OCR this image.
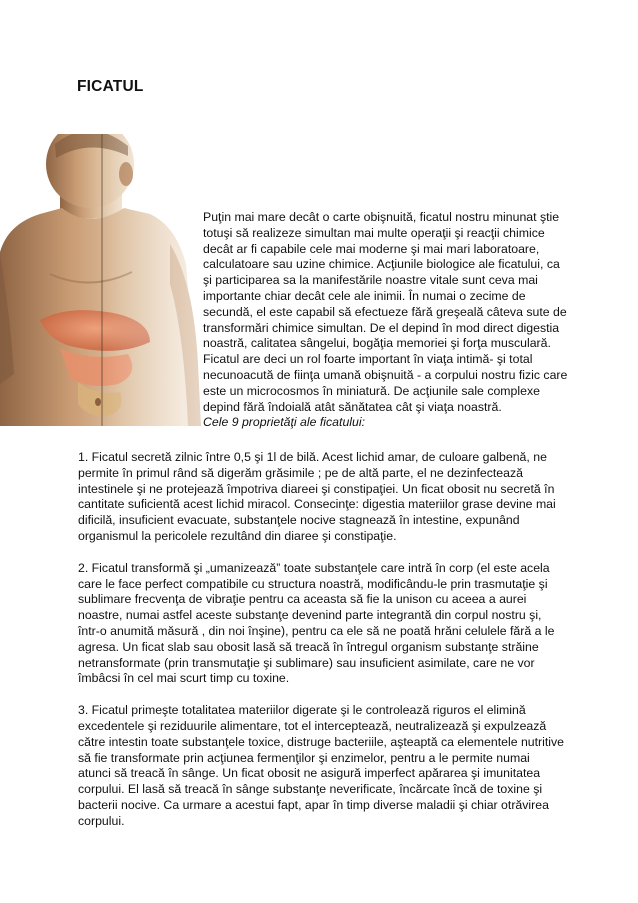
FICATUL

Puţin mai mare decât o carte obişnuită, ficatul nostru minunat ştie totuşi să realizeze simultan mai multe operaţii şi reacţii chimice decât ar fi capabile cele mai moderne şi mai mari laboratoare, calculatoare sau uzine chimice. Acţiunile biologice ale ficatului, ca şi participarea sa la manifestările noastre vitale sunt ceva mai importante chiar decât cele ale inimii. În numai o zecime de secundă, el este capabil să efectueze fără greşeală câteva sute de transformări chimice simultan. De el depind în mod direct digestia noastră, calitatea sângelui, bogăţia memoriei şi forţa musculară. Ficatul are deci un rol foarte important în viaţa intimă- şi total necunoacută de fiinţa umană obişnuită - a corpului nostru fizic care este un microcosmos în miniatură. De acţiunile sale complexe depind fără îndoială atât sănătatea cât şi viaţa noastră.

Cele 9 proprietăţi ale ficatului:

1. Ficatul secretă zilnic între 0,5 şi 1l de bilă. Acest lichid amar, de culoare galbenă, ne permite în primul rând să digerăm grăsimile ; pe de altă parte, el ne dezinfectează intestinele şi ne protejează împotriva diareei şi constipaţiei. Un ficat obosit nu secretă în cantitate suficientă acest lichid miracol. Consecinţe: digestia materiilor grase devine mai dificilă, insuficient evacuate, substanţele nocive stagnează în intestine, expunând organismul la pericolele rezultând din diaree şi constipaţie.

2. Ficatul transformă şi „umanizează” toate substanţele care intră în corp (el este acela care le face perfect compatibile cu structura noastră, modificându-le prin trasmutaţie şi sublimare frecvenţa de vibraţie pentru ca aceasta să fie la unison cu aceea a aurei noastre, numai astfel aceste substanţe devenind parte integrantă din corpul nostru şi, într-o anumită măsură , din noi înşine), pentru ca ele să ne poată hrăni celulele fără a le agresa. Un ficat slab sau obosit lasă să treacă în întregul organism substanţe străine netransformate (prin transmutaţie şi sublimare) sau insuficient asimilate, care ne vor îmbâcsi în cel mai scurt timp cu toxine.

3. Ficatul primeşte totalitatea materiilor digerate şi le controlează riguros el elimină excedentele şi reziduurile alimentare, tot el interceptează, neutralizează şi expulzează către intestin toate substanţele toxice, distruge bacteriile, aşteaptă ca elementele nutritive să fie transformate prin acţiunea fermenţilor şi enzimelor, pentru a le permite numai atunci să treacă în sânge. Un ficat obosit ne asigură imperfect apărarea şi imunitatea corpului. El lasă să treacă în sânge substanţe neverificate, încărcate încă de toxine şi bacterii nocive. Ca urmare a acestui fapt, apar în timp diverse maladii şi chiar otrăvirea corpului.
